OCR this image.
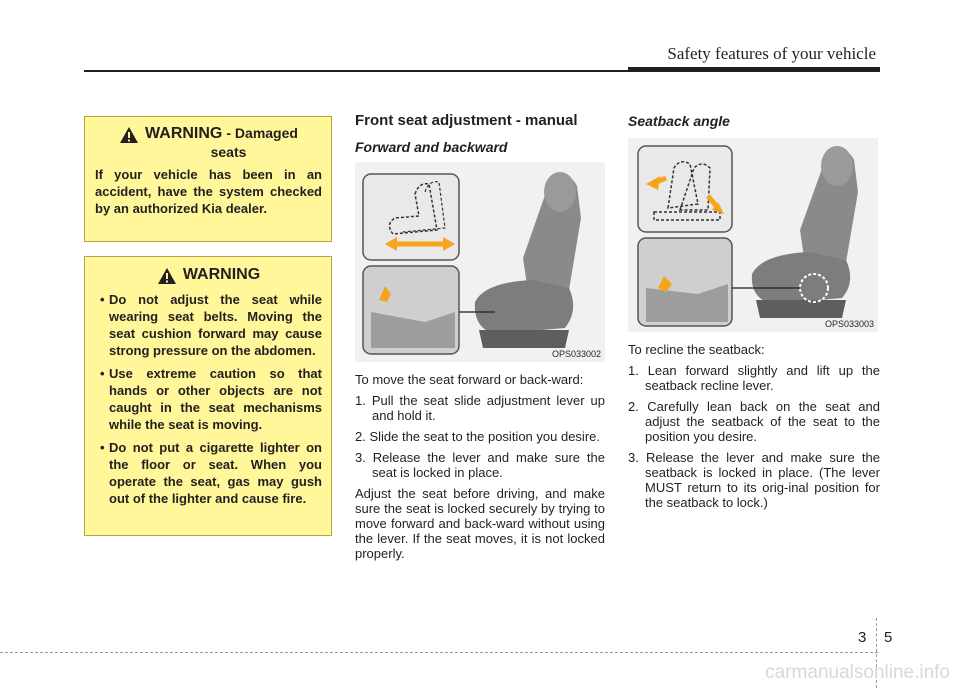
Safety features of your vehicle
WARNING - Damaged
seats
If your vehicle has been in an accident, have the system checked by an authorized Kia dealer.
WARNING
• Do not adjust the seat while wearing seat belts. Moving the seat cushion forward may cause strong pressure on the abdomen.
• Use extreme caution so that hands or other objects are not caught in the seat mechanisms while the seat is moving.
• Do not put a cigarette lighter on the floor or seat. When you operate the seat, gas may gush out of the lighter and cause fire.
Front seat adjustment - manual
Forward and backward
OPS033002

To move the seat forward or back-ward:

1. Pull the seat slide adjustment lever up and hold it.
2. Slide the seat to the position you desire.
3. Release the lever and make sure the seat is locked in place.

Adjust the seat before driving, and make sure the seat is locked securely by trying to move forward and back-ward without using the lever. If the seat moves, it is not locked properly.

Seatback angle
OPS033003

To recline the seatback:

1. Lean forward slightly and lift up the seatback recline lever.
2. Carefully lean back on the seat and adjust the seatback of the seat to the position you desire.
3. Release the lever and make sure the seatback is locked in place. (The lever MUST return to its orig-inal position for the seatback to lock.)
3 5
carmanualsonline.info
